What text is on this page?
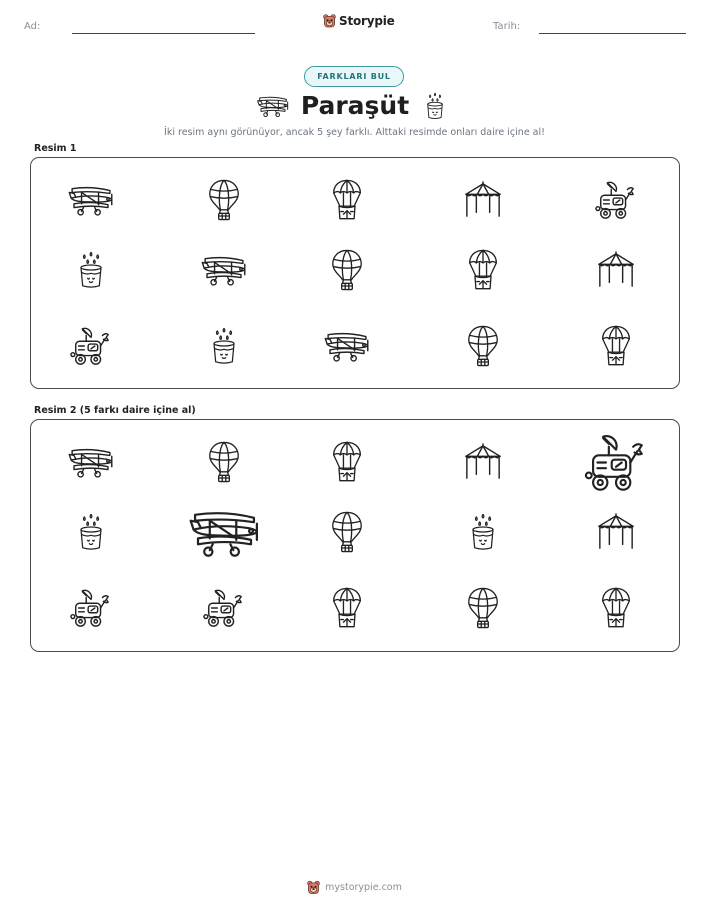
Ad:	Storypie	Tarih:
FARKLARI BUL
Paraşüt
İki resim aynı görünüyor, ancak 5 şey farklı. Alttaki resimde onları daire içine al!
Resim 1
Resim 2 (5 farkı daire içine al)
mystorypie.com
